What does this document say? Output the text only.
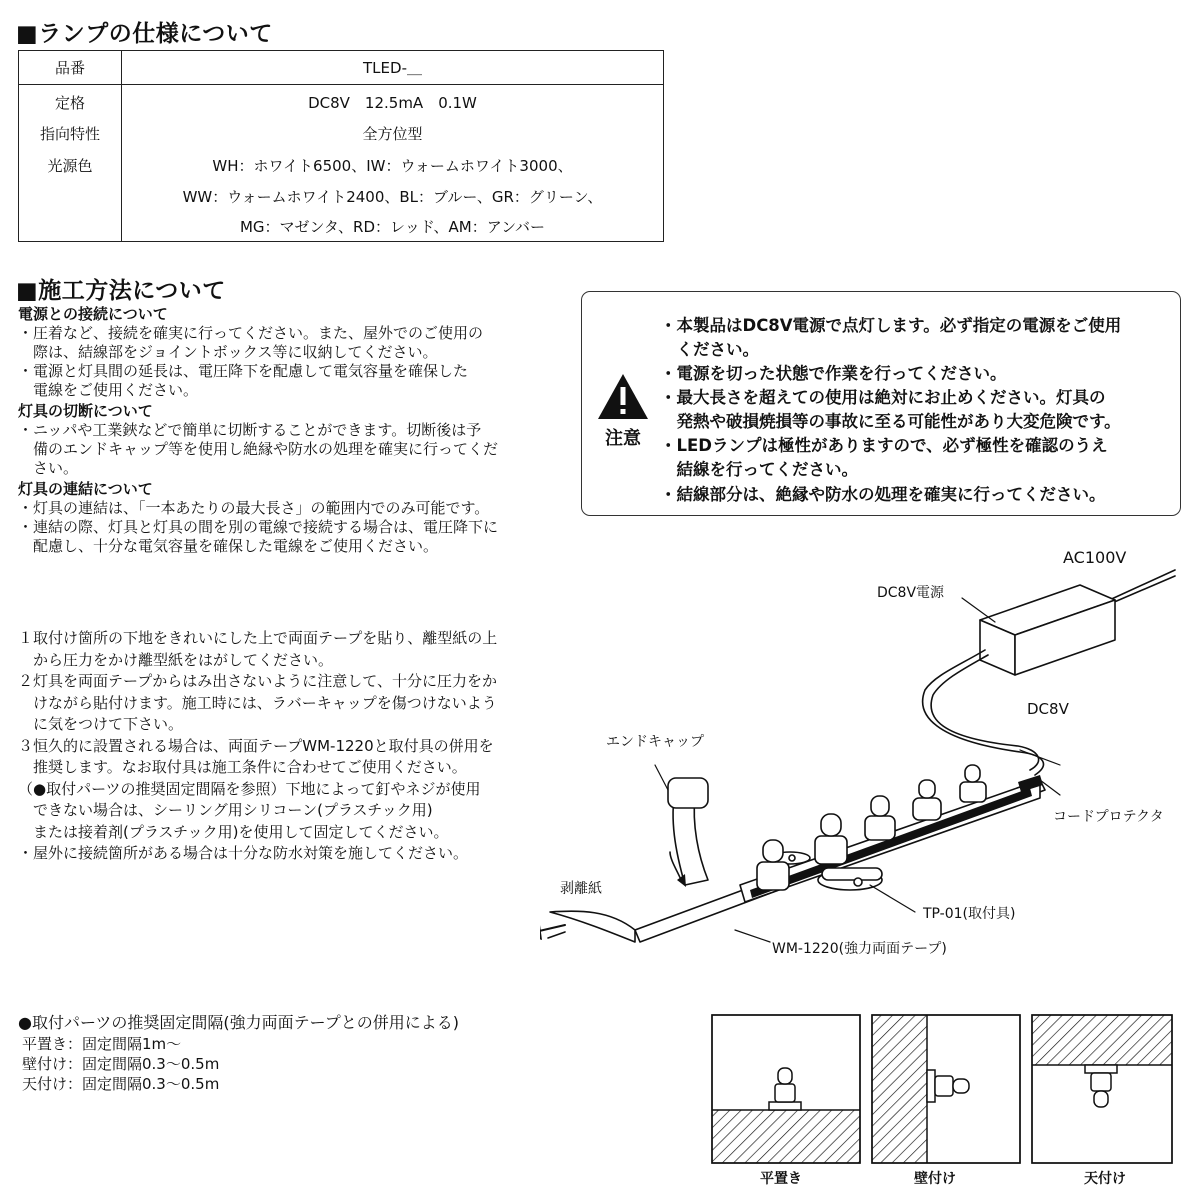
■ランプの仕様について
品番	TLED-＿
定格	DC8V　12.5mA　0.1W
指向特性	全方位型
光源色	WH：ホワイト6500、IW：ウォームホワイト3000、
WW：ウォームホワイト2400、BL：ブルー、GR：グリーン、
MG：マゼンタ、RD：レッド、AM：アンバー
■施工方法について
電源との接続について
・圧着など、接続を確実に行ってください。また、屋外でのご使用の
　際は、結線部をジョイントボックス等に収納してください。
・電源と灯具間の延長は、電圧降下を配慮して電気容量を確保した
　電線をご使用ください。
灯具の切断について
・ニッパや工業鋏などで簡単に切断することができます。切断後は予
　備のエンドキャップ等を使用し絶縁や防水の処理を確実に行ってくだ
　さい。
灯具の連結について
・灯具の連結は、「一本あたりの最大長さ」の範囲内でのみ可能です。
・連結の際、灯具と灯具の間を別の電線で接続する場合は、電圧降下に
　配慮し、十分な電気容量を確保した電線をご使用ください。
１取付け箇所の下地をきれいにした上で両面テープを貼り、離型紙の上
　から圧力をかけ離型紙をはがしてください。
２灯具を両面テープからはみ出さないように注意して、十分に圧力をか
　けながら貼付けます。施工時には、ラバーキャップを傷つけないよう
　に気をつけて下さい。
３恒久的に設置される場合は、両面テープWM-1220と取付具の併用を
　推奨します。なお取付具は施工条件に合わせてご使用ください。
（●取付パーツの推奨固定間隔を参照）下地によって釘やネジが使用
　できない場合は、シーリング用シリコーン(プラスチック用)
　または接着剤(プラスチック用)を使用して固定してください。
・屋外に接続箇所がある場合は十分な防水対策を施してください。
注意
・本製品はDC8V電源で点灯します。必ず指定の電源をご使用
　ください。
・電源を切った状態で作業を行ってください。
・最大長さを超えての使用は絶対にお止めください。灯具の
　発熱や破損焼損等の事故に至る可能性があり大変危険です。
・LEDランプは極性がありますので、必ず極性を確認のうえ
　結線を行ってください。
・結線部分は、絶縁や防水の処理を確実に行ってください。
AC100V
DC8V電源
DC8V
エンドキャップ
コードプロテクタ
剥離紙
TP-01(取付具)
WM-1220(強力両面テープ)
●取付パーツの推奨固定間隔(強力両面テープとの併用による)
平置き：固定間隔1m～
壁付け：固定間隔0.3～0.5m
天付け：固定間隔0.3～0.5m
平置き	壁付け	天付け
